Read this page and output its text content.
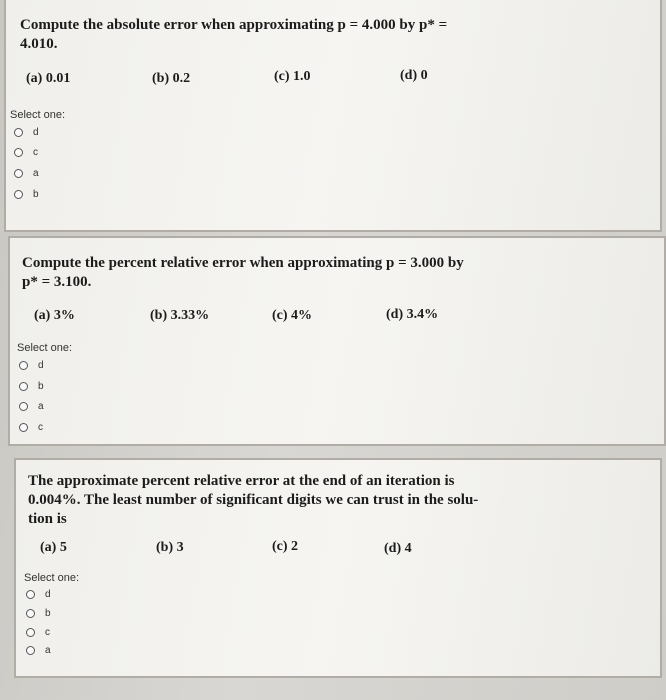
Compute the absolute error when approximating p = 4.000 by p* =
4.010.
(a) 0.01	(b) 0.2	(c) 1.0	(d) 0
Select one:
d
c
a
b
Compute the percent relative error when approximating p = 3.000 by
p* = 3.100.
(a) 3%	(b) 3.33%	(c) 4%	(d) 3.4%
Select one:
d
b
a
c
The approximate percent relative error at the end of an iteration is
0.004%. The least number of significant digits we can trust in the solu-
tion is
(a) 5	(b) 3	(c) 2	(d) 4
Select one:
d
b
c
a
